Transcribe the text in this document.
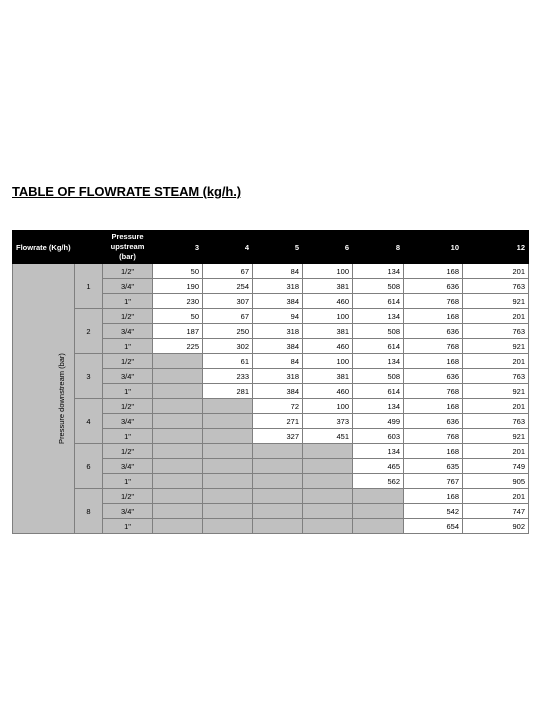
TABLE OF FLOWRATE STEAM (kg/h.)
Flowrate (Kg/h)		Pressure upstream (bar)	3	4	5	6	8	10	12
Pressure downstream (bar)	1	1/2"	50	67	84	100	134	168	201
		3/4"	190	254	318	381	508	636	763
		1"	230	307	384	460	614	768	921
	2	1/2"	50	67	94	100	134	168	201
		3/4"	187	250	318	381	508	636	763
		1"	225	302	384	460	614	768	921
	3	1/2"		61	84	100	134	168	201
		3/4"		233	318	381	508	636	763
		1"		281	384	460	614	768	921
	4	1/2"			72	100	134	168	201
		3/4"			271	373	499	636	763
		1"			327	451	603	768	921
	6	1/2"					134	168	201
		3/4"					465	635	749
		1"					562	767	905
	8	1/2"						168	201
		3/4"						542	747
		1"						654	902
